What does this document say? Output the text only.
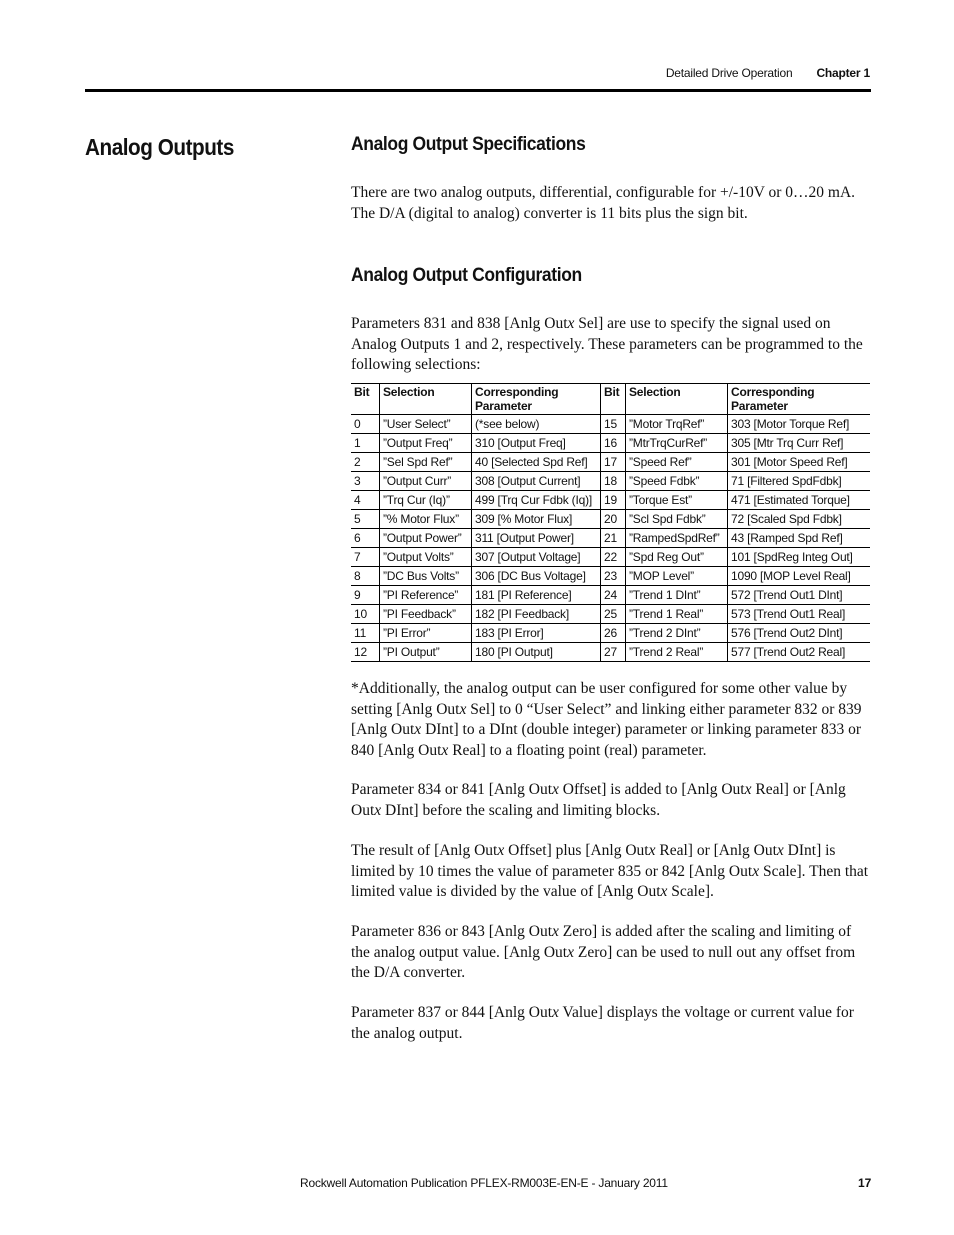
Detailed Drive Operation Chapter 1
Analog Outputs	Analog Output Specifications
There are two analog outputs, differential, configurable for +/-10V or 0…20 mA. The D/A (digital to analog) converter is 11 bits plus the sign bit.
Analog Output Configuration
Parameters 831 and 838 [Anlg Outx Sel] are use to specify the signal used on Analog Outputs 1 and 2, respectively. These parameters can be programmed to the following selections:
Bit	Selection	Corresponding Parameter	Bit	Selection	Corresponding Parameter
0	”User Select”	(*see below)	15	”Motor TrqRef”	303 [Motor Torque Ref]
1	”Output Freq”	310 [Output Freq]	16	”MtrTrqCurRef”	305 [Mtr Trq Curr Ref]
2	”Sel Spd Ref”	40 [Selected Spd Ref]	17	”Speed Ref”	301 [Motor Speed Ref]
3	”Output Curr”	308 [Output Current]	18	”Speed Fdbk”	71 [Filtered SpdFdbk]
4	”Trq Cur (Iq)”	499 [Trq Cur Fdbk (Iq)]	19	”Torque Est”	471 [Estimated Torque]
5	”% Motor Flux”	309 [% Motor Flux]	20	”Scl Spd Fdbk”	72 [Scaled Spd Fdbk]
6	”Output Power”	311 [Output Power]	21	”RampedSpdRef”	43 [Ramped Spd Ref]
7	”Output Volts”	307 [Output Voltage]	22	”Spd Reg Out”	101 [SpdReg Integ Out]
8	”DC Bus Volts”	306 [DC Bus Voltage]	23	”MOP Level”	1090 [MOP Level Real]
9	”PI Reference”	181 [PI Reference]	24	”Trend 1 DInt”	572 [Trend Out1 DInt]
10	”PI Feedback”	182 [PI Feedback]	25	”Trend 1 Real”	573 [Trend Out1 Real]
11	”PI Error”	183 [PI Error]	26	”Trend 2 DInt”	576 [Trend Out2 DInt]
12	”PI Output”	180 [PI Output]	27	”Trend 2 Real”	577 [Trend Out2 Real]
*Additionally, the analog output can be user configured for some other value by setting [Anlg Outx Sel] to 0 “User Select” and linking either parameter 832 or 839 [Anlg Outx DInt] to a DInt (double integer) parameter or linking parameter 833 or 840 [Anlg Outx Real] to a floating point (real) parameter.
Parameter 834 or 841 [Anlg Outx Offset] is added to [Anlg Outx Real] or [Anlg Outx DInt] before the scaling and limiting blocks.
The result of [Anlg Outx Offset] plus [Anlg Outx Real] or [Anlg Outx DInt] is limited by 10 times the value of parameter 835 or 842 [Anlg Outx Scale]. Then that limited value is divided by the value of [Anlg Outx Scale].
Parameter 836 or 843 [Anlg Outx Zero] is added after the scaling and limiting of the analog output value. [Anlg Outx Zero] can be used to null out any offset from the D/A converter.
Parameter 837 or 844 [Anlg Outx Value] displays the voltage or current value for the analog output.
Rockwell Automation Publication PFLEX-RM003E-EN-E - January 2011	17
